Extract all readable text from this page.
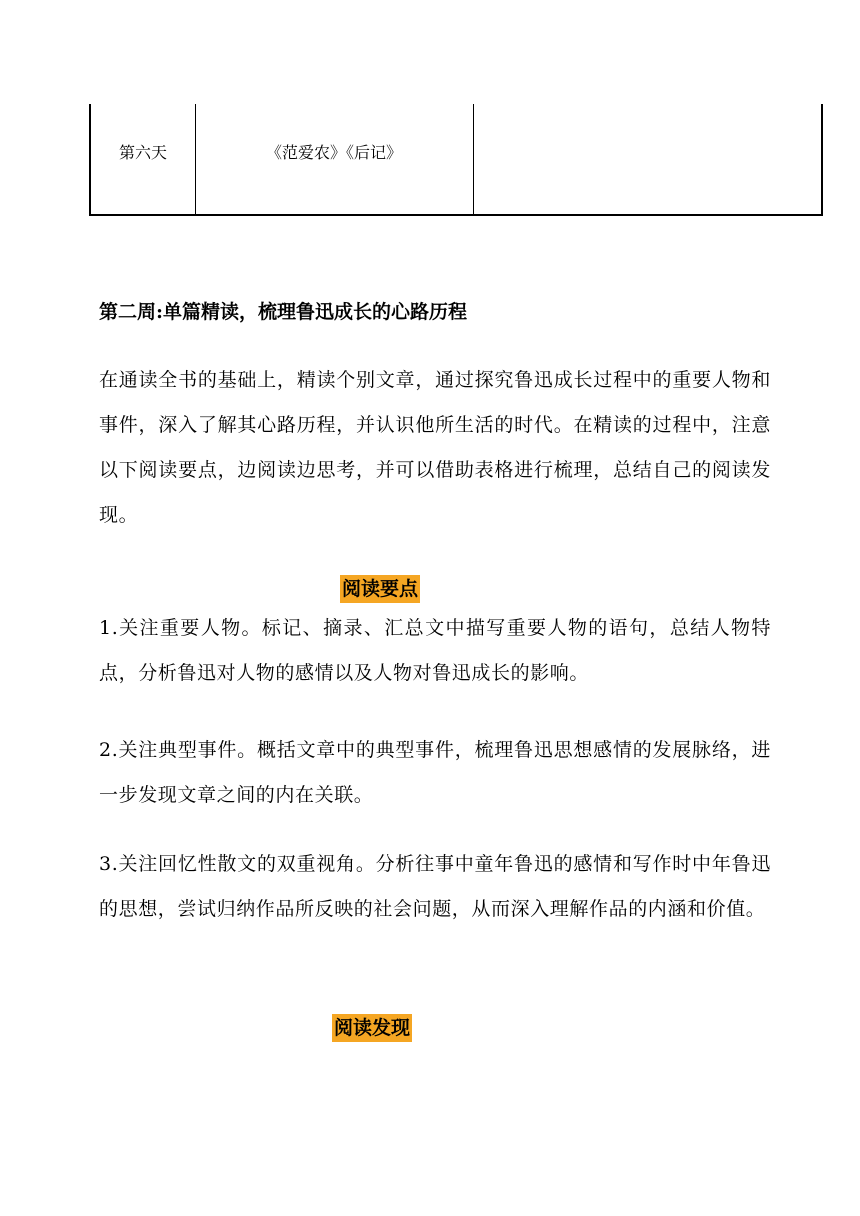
第六天	《范爱农》《后记》
第二周:单篇精读，梳理鲁迅成长的心路历程
在通读全书的基础上，精读个别文章，通过探究鲁迅成长过程中的重要人物和事件，深入了解其心路历程，并认识他所生活的时代。在精读的过程中，注意以下阅读要点，边阅读边思考，并可以借助表格进行梳理，总结自己的阅读发现。
阅读要点
1.关注重要人物。标记、摘录、汇总文中描写重要人物的语句，总结人物特点，分析鲁迅对人物的感情以及人物对鲁迅成长的影响。
2.关注典型事件。概括文章中的典型事件，梳理鲁迅思想感情的发展脉络，进一步发现文章之间的内在关联。
3.关注回忆性散文的双重视角。分析往事中童年鲁迅的感情和写作时中年鲁迅的思想，尝试归纳作品所反映的社会问题，从而深入理解作品的内涵和价值。
阅读发现
